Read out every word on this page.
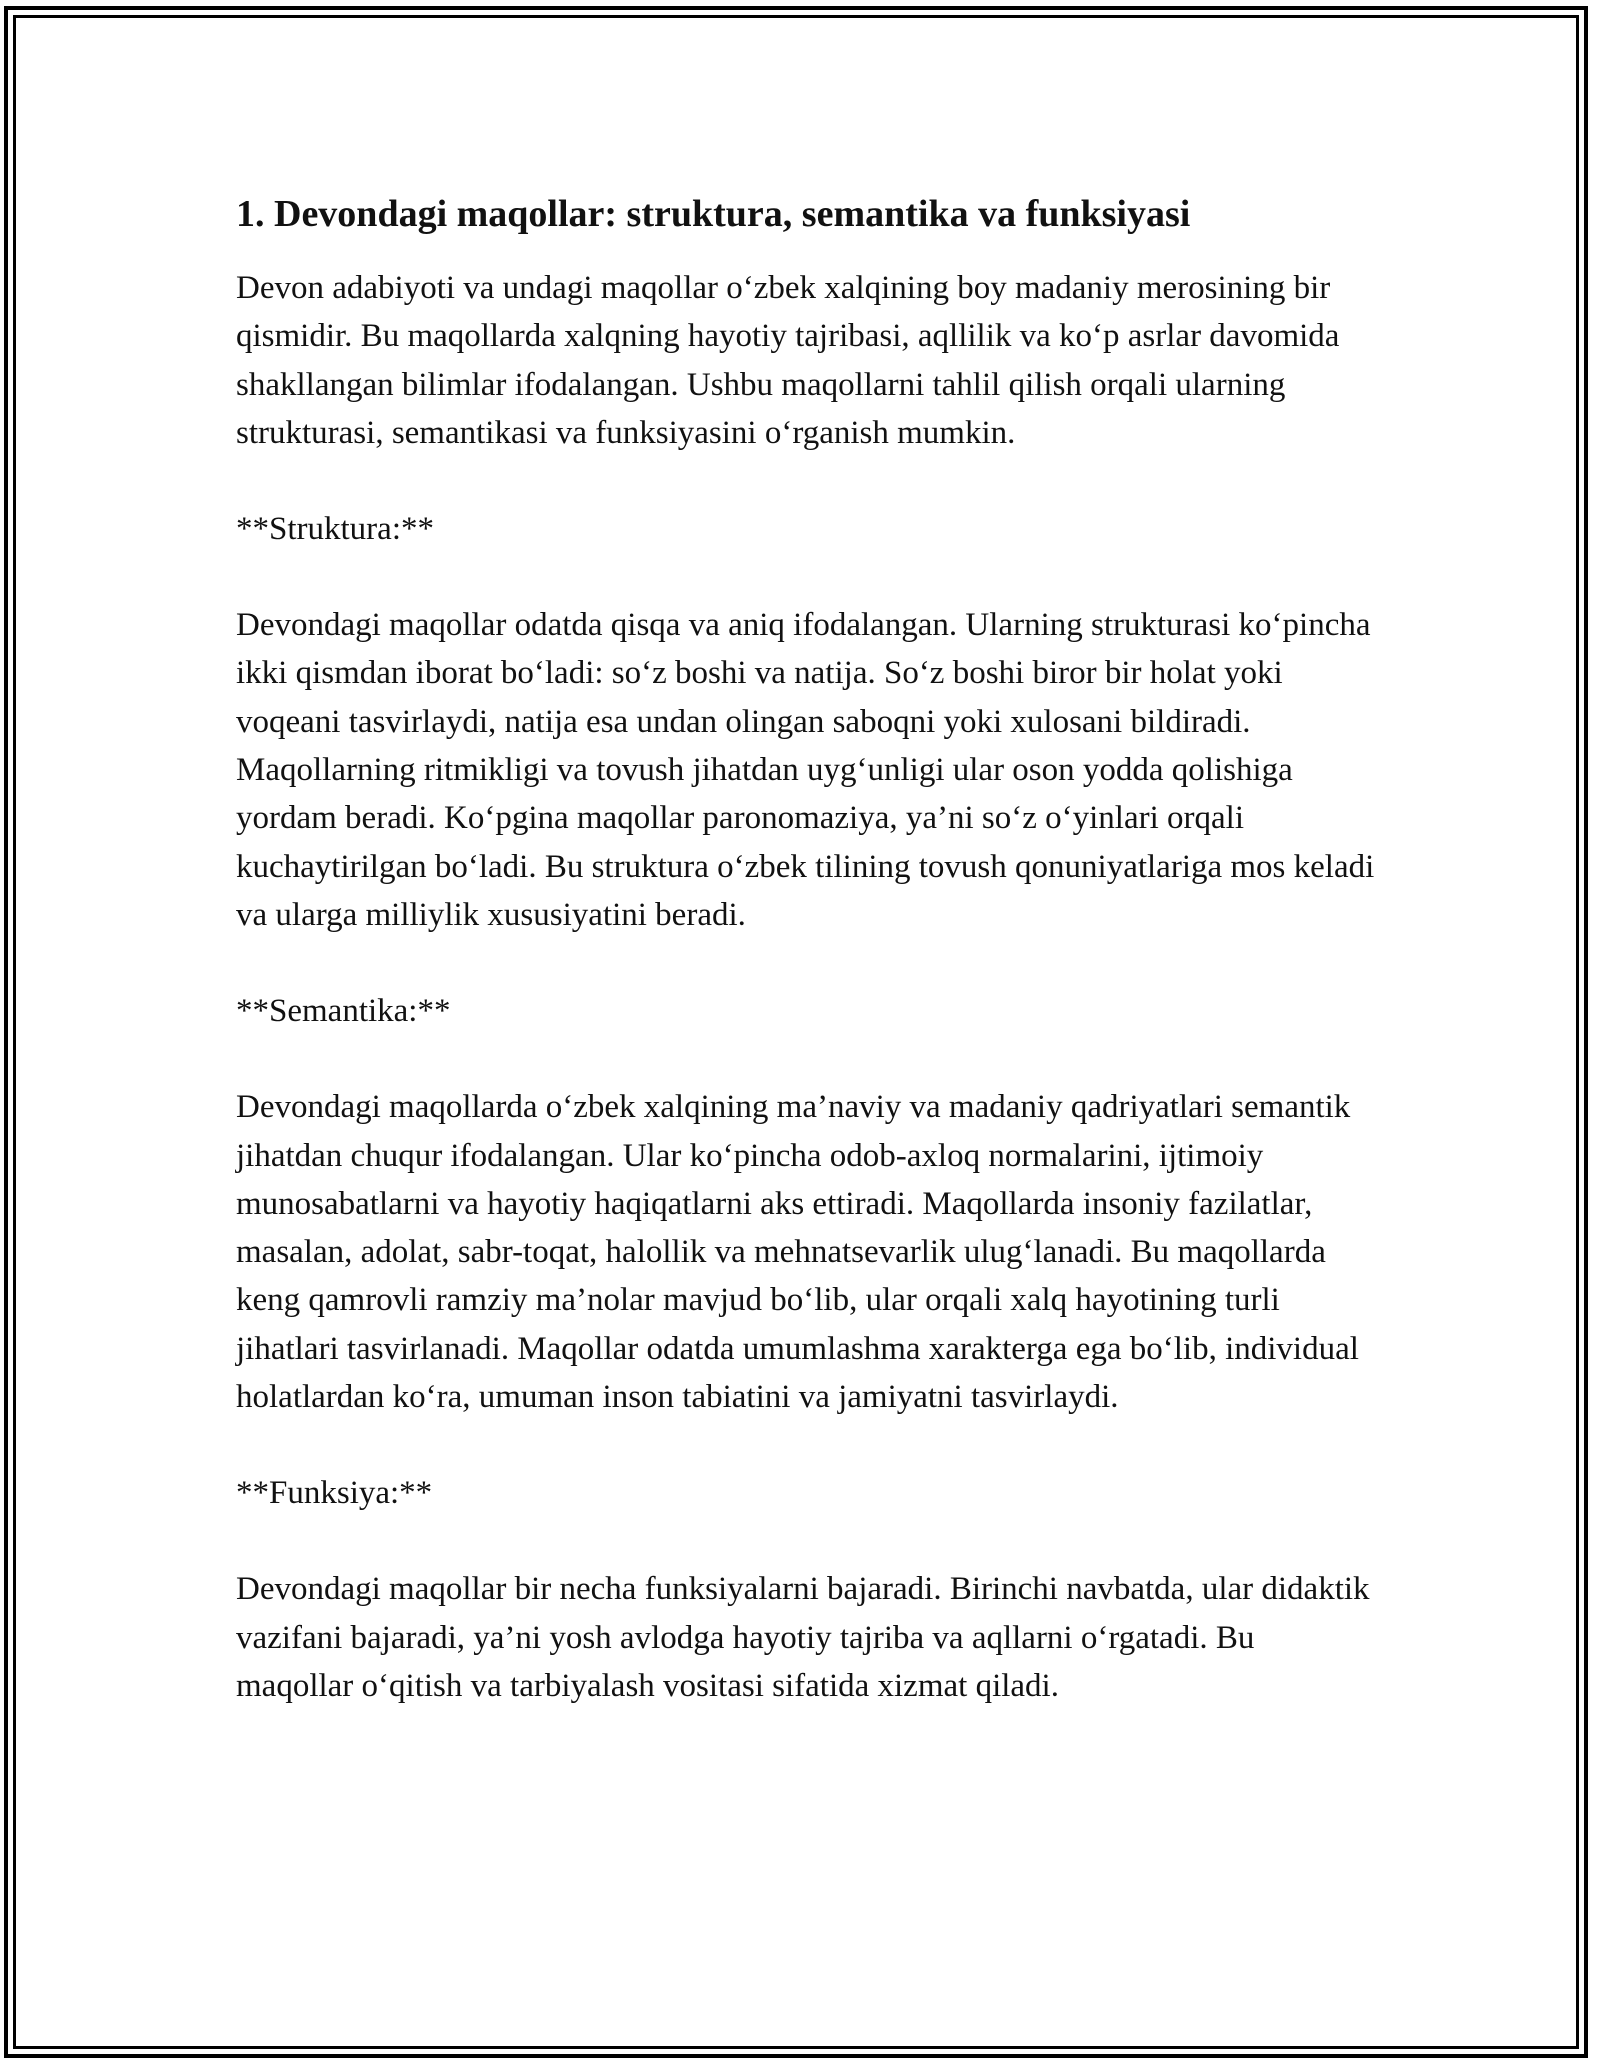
1. Devondagi maqollar: struktura, semantika va funksiyasi

Devon adabiyoti va undagi maqollar o‘zbek xalqining boy madaniy merosining bir qismidir. Bu maqollarda xalqning hayotiy tajribasi, aqllilik va ko‘p asrlar davomida shakllangan bilimlar ifodalangan. Ushbu maqollarni tahlil qilish orqali ularning strukturasi, semantikasi va funksiyasini o‘rganish mumkin.

**Struktura:**

Devondagi maqollar odatda qisqa va aniq ifodalangan. Ularning strukturasi ko‘pincha ikki qismdan iborat bo‘ladi: so‘z boshi va natija. So‘z boshi biror bir holat yoki voqeani tasvirlaydi, natija esa undan olingan saboqni yoki xulosani bildiradi. Maqollarning ritmikligi va tovush jihatdan uyg‘unligi ular oson yodda qolishiga yordam beradi. Ko‘pgina maqollar paronomaziya, ya’ni so‘z o‘yinlari orqali kuchaytirilgan bo‘ladi. Bu struktura o‘zbek tilining tovush qonuniyatlariga mos keladi va ularga milliylik xususiyatini beradi.

**Semantika:**

Devondagi maqollarda o‘zbek xalqining ma’naviy va madaniy qadriyatlari semantik jihatdan chuqur ifodalangan. Ular ko‘pincha odob-axloq normalarini, ijtimoiy munosabatlarni va hayotiy haqiqatlarni aks ettiradi. Maqollarda insoniy fazilatlar, masalan, adolat, sabr-toqat, halollik va mehnatsevarlik ulug‘lanadi. Bu maqollarda keng qamrovli ramziy ma’nolar mavjud bo‘lib, ular orqali xalq hayotining turli jihatlari tasvirlanadi. Maqollar odatda umumlashma xarakterga ega bo‘lib, individual holatlardan ko‘ra, umuman inson tabiatini va jamiyatni tasvirlaydi.

**Funksiya:**

Devondagi maqollar bir necha funksiyalarni bajaradi. Birinchi navbatda, ular didaktik vazifani bajaradi, ya’ni yosh avlodga hayotiy tajriba va aqllarni o‘rgatadi. Bu maqollar o‘qitish va tarbiyalash vositasi sifatida xizmat qiladi.
